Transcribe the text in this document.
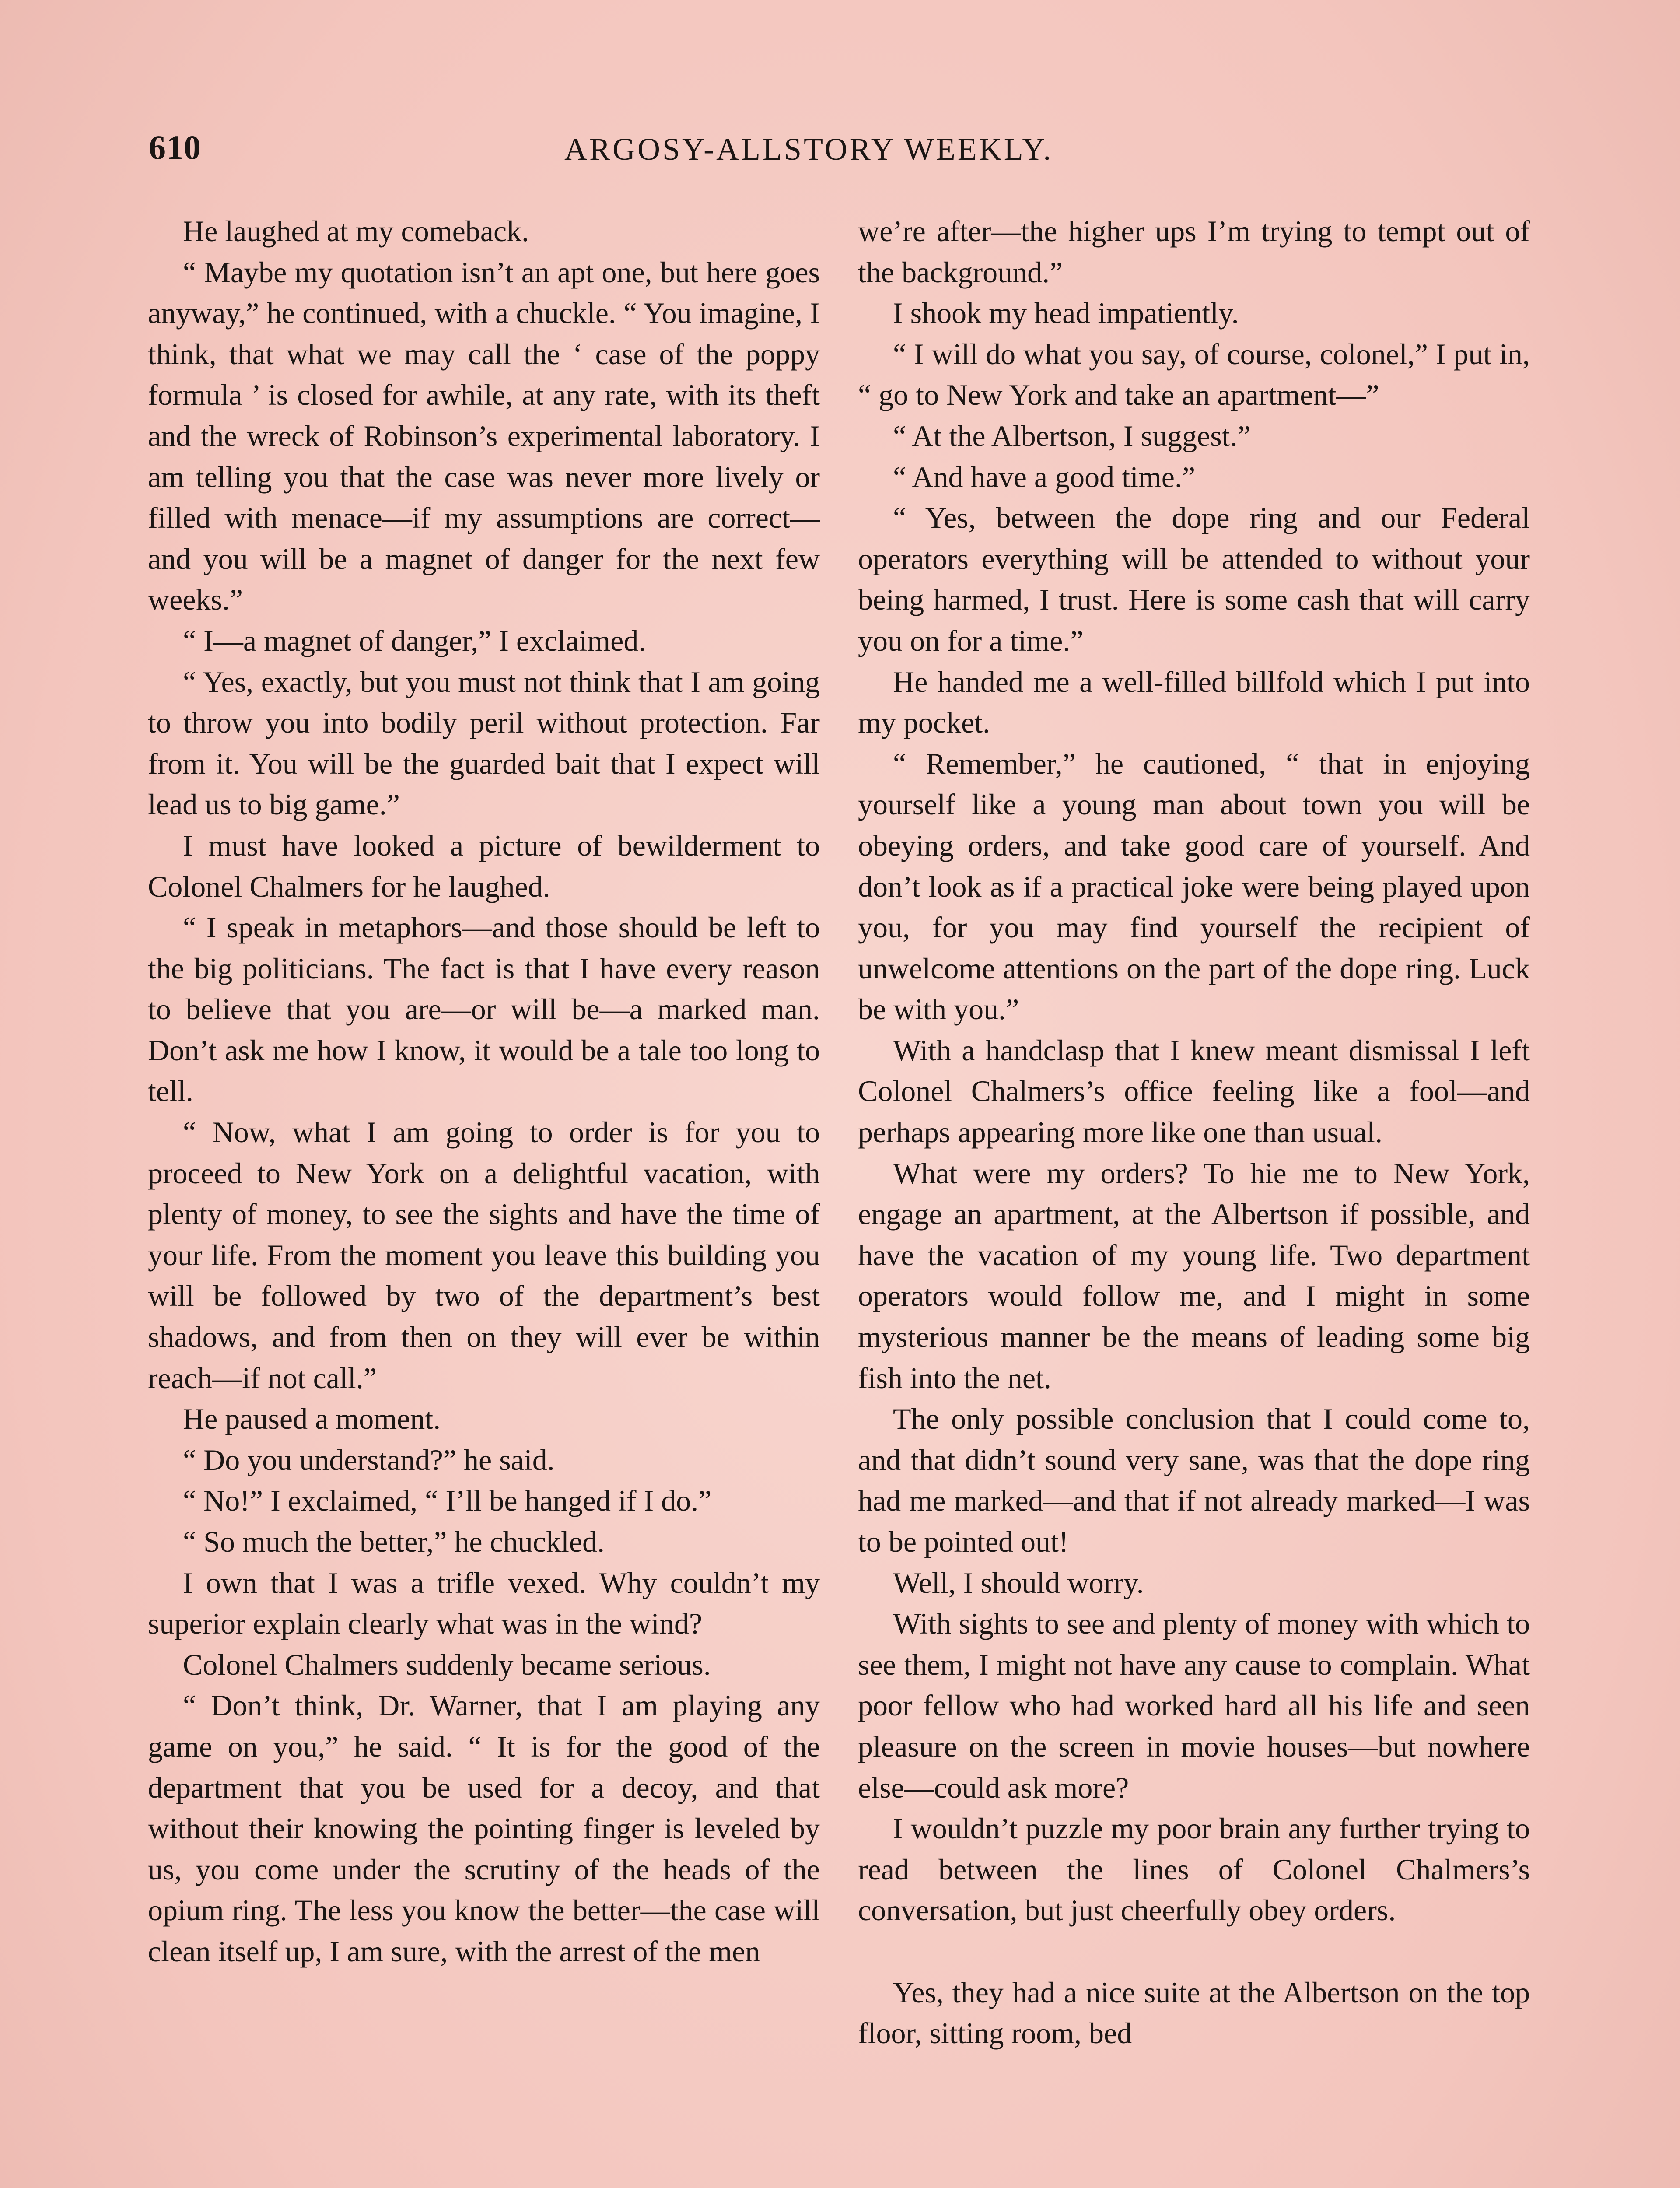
610	ARGOSY-ALLSTORY WEEKLY.

He laughed at my comeback.

“ Maybe my quotation isn’t an apt one, but here goes anyway,” he continued, with a chuckle. “ You imagine, I think, that what we may call the ‘ case of the poppy formula ’ is closed for awhile, at any rate, with its theft and the wreck of Robinson’s experimental laboratory. I am telling you that the case was never more lively or filled with menace—if my assumptions are correct—and you will be a magnet of danger for the next few weeks.”

“ I—a magnet of danger,” I exclaimed.

“ Yes, exactly, but you must not think that I am going to throw you into bodily peril without protection. Far from it. You will be the guarded bait that I expect will lead us to big game.”

I must have looked a picture of bewilderment to Colonel Chalmers for he laughed.

“ I speak in metaphors—and those should be left to the big politicians. The fact is that I have every reason to believe that you are—or will be—a marked man. Don’t ask me how I know, it would be a tale too long to tell.

“ Now, what I am going to order is for you to proceed to New York on a delightful vacation, with plenty of money, to see the sights and have the time of your life. From the moment you leave this building you will be followed by two of the department’s best shadows, and from then on they will ever be within reach—if not call.”

He paused a moment.

“ Do you understand?” he said.

“ No!” I exclaimed, “ I’ll be hanged if I do.”

“ So much the better,” he chuckled.

I own that I was a trifle vexed. Why couldn’t my superior explain clearly what was in the wind?

Colonel Chalmers suddenly became serious.

“ Don’t think, Dr. Warner, that I am playing any game on you,” he said. “ It is for the good of the department that you be used for a decoy, and that without their knowing the pointing finger is leveled by us, you come under the scrutiny of the heads of the opium ring. The less you know the better—the case will clean itself up, I am sure, with the arrest of the men

we’re after—the higher ups I’m trying to tempt out of the background.”

I shook my head impatiently.

“ I will do what you say, of course, colonel,” I put in, “ go to New York and take an apartment—”

“ At the Albertson, I suggest.”

“ And have a good time.”

“ Yes, between the dope ring and our Federal operators everything will be attended to without your being harmed, I trust. Here is some cash that will carry you on for a time.”

He handed me a well-filled billfold which I put into my pocket.

“ Remember,” he cautioned, “ that in enjoying yourself like a young man about town you will be obeying orders, and take good care of yourself. And don’t look as if a practical joke were being played upon you, for you may find yourself the recipient of unwelcome attentions on the part of the dope ring. Luck be with you.”

With a handclasp that I knew meant dismissal I left Colonel Chalmers’s office feeling like a fool—and perhaps appearing more like one than usual.

What were my orders? To hie me to New York, engage an apartment, at the Albertson if possible, and have the vacation of my young life. Two department operators would follow me, and I might in some mysterious manner be the means of leading some big fish into the net.

The only possible conclusion that I could come to, and that didn’t sound very sane, was that the dope ring had me marked—and that if not already marked—I was to be pointed out!

Well, I should worry.

With sights to see and plenty of money with which to see them, I might not have any cause to complain. What poor fellow who had worked hard all his life and seen pleasure on the screen in movie houses—but nowhere else—could ask more?

I wouldn’t puzzle my poor brain any further trying to read between the lines of Colonel Chalmers’s conversation, but just cheerfully obey orders.

Yes, they had a nice suite at the Albertson on the top floor, sitting room, bed
